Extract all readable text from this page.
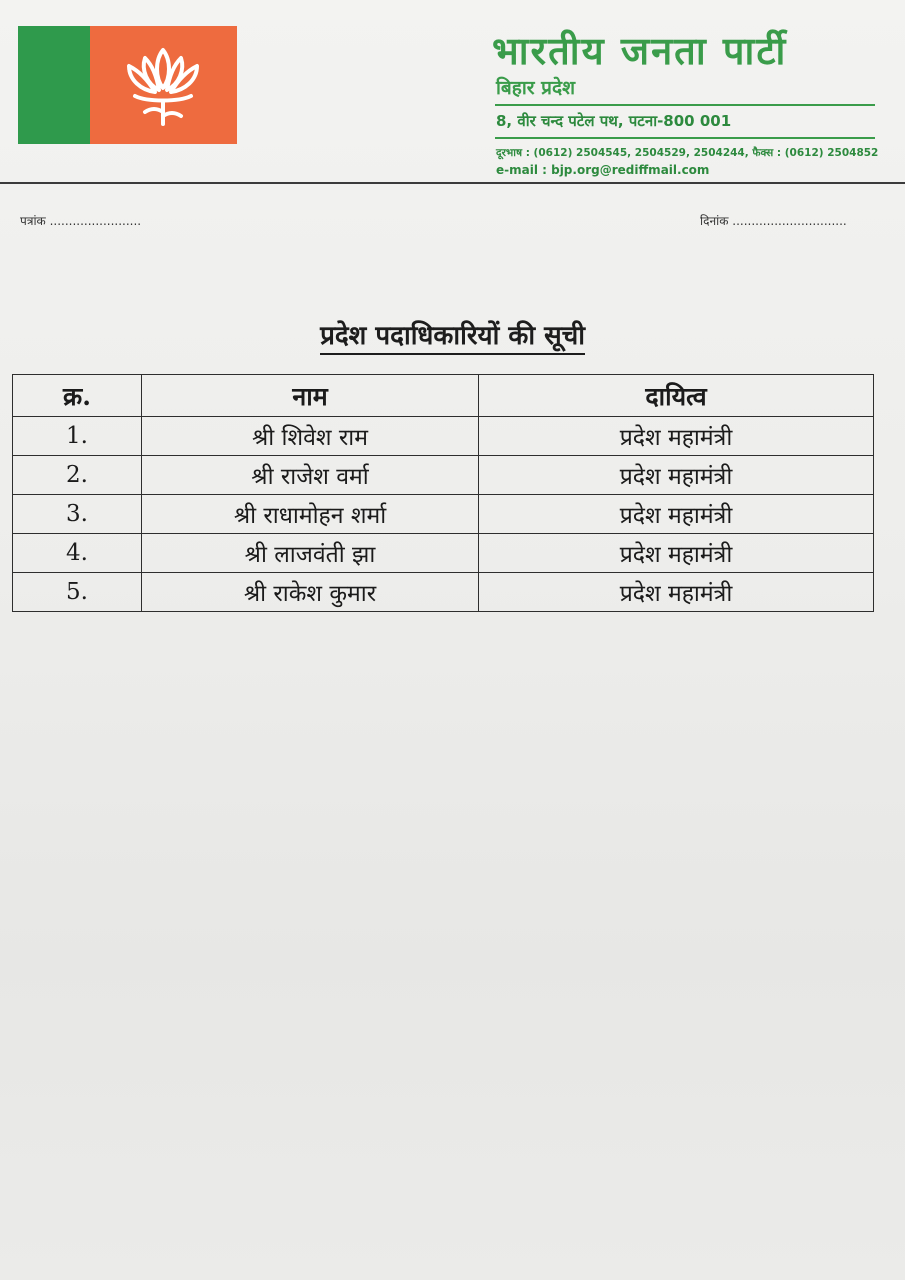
भारतीय जनता पार्टी
बिहार प्रदेश
8, वीर चन्द पटेल पथ, पटना-800 001
दूरभाष : (0612) 2504545, 2504529, 2504244, फैक्स : (0612) 2504852
e-mail : bjp.org@rediffmail.com
पत्रांक ........................	दिनांक ..............................
प्रदेश पदाधिकारियों की सूची
क्र.	नाम	दायित्व
1.	श्री शिवेश राम	प्रदेश महामंत्री
2.	श्री राजेश वर्मा	प्रदेश महामंत्री
3.	श्री राधामोहन शर्मा	प्रदेश महामंत्री
4.	श्री लाजवंती झा	प्रदेश महामंत्री
5.	श्री राकेश कुमार	प्रदेश महामंत्री
